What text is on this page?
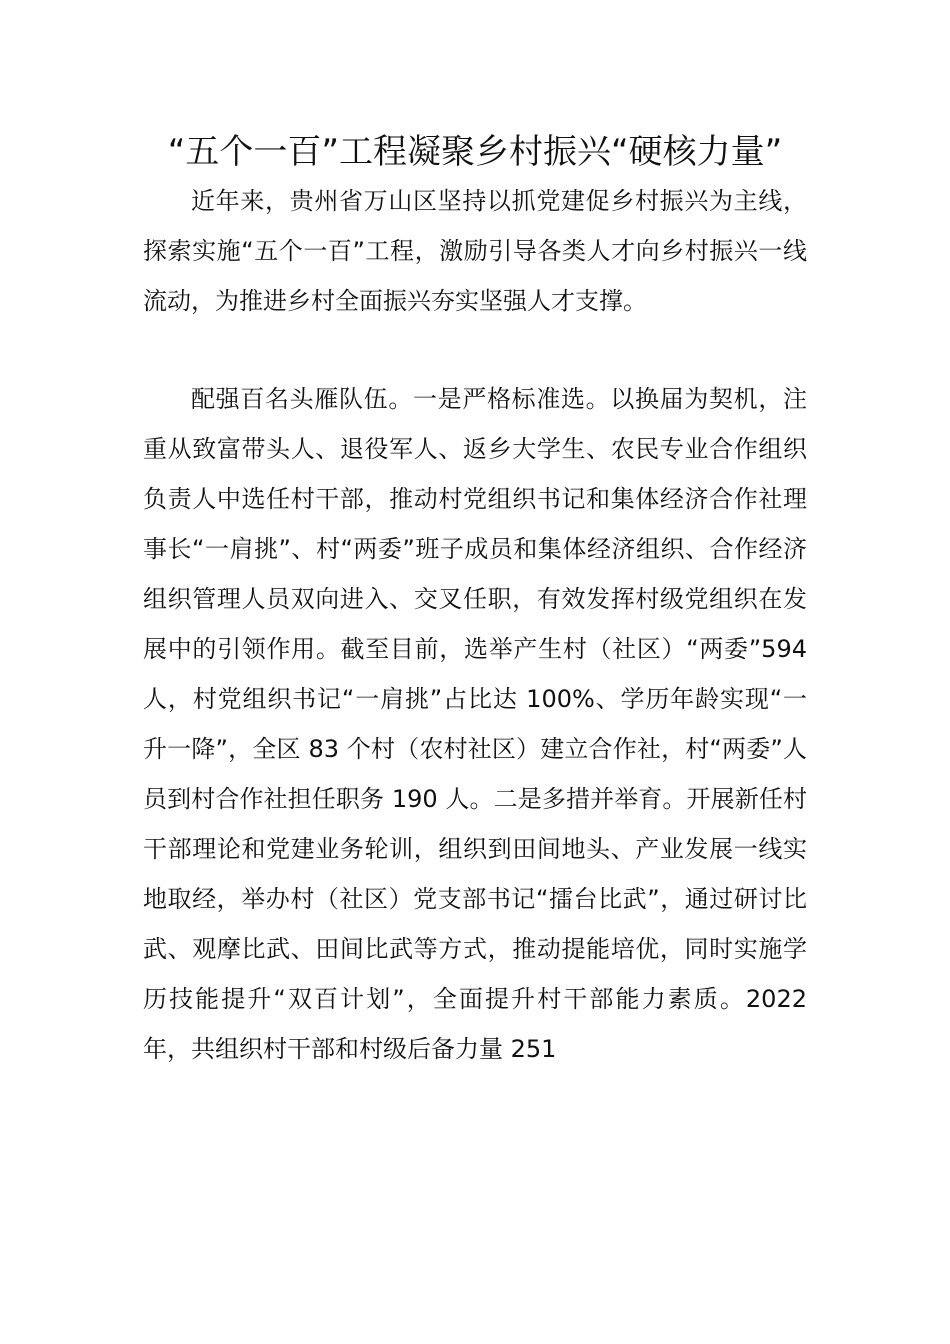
“五个一百”工程凝聚乡村振兴“硬核力量”

近年来，贵州省万山区坚持以抓党建促乡村振兴为主线，探索实施“五个一百”工程，激励引导各类人才向乡村振兴一线流动，为推进乡村全面振兴夯实坚强人才支撑。

配强百名头雁队伍。一是严格标准选。以换届为契机，注重从致富带头人、退役军人、返乡大学生、农民专业合作组织负责人中选任村干部，推动村党组织书记和集体经济合作社理事长“一肩挑”、村“两委”班子成员和集体经济组织、合作经济组织管理人员双向进入、交叉任职，有效发挥村级党组织在发展中的引领作用。截至目前，选举产生村（社区）“两委”594 人，村党组织书记“一肩挑”占比达 100%、学历年龄实现“一升一降”，全区 83 个村（农村社区）建立合作社，村“两委”人员到村合作社担任职务 190 人。二是多措并举育。开展新任村干部理论和党建业务轮训，组织到田间地头、产业发展一线实地取经，举办村（社区）党支部书记“擂台比武”，通过研讨比武、观摩比武、田间比武等方式，推动提能培优，同时实施学历技能提升“双百计划”，全面提升村干部能力素质。2022 年，共组织村干部和村级后备力量 251
